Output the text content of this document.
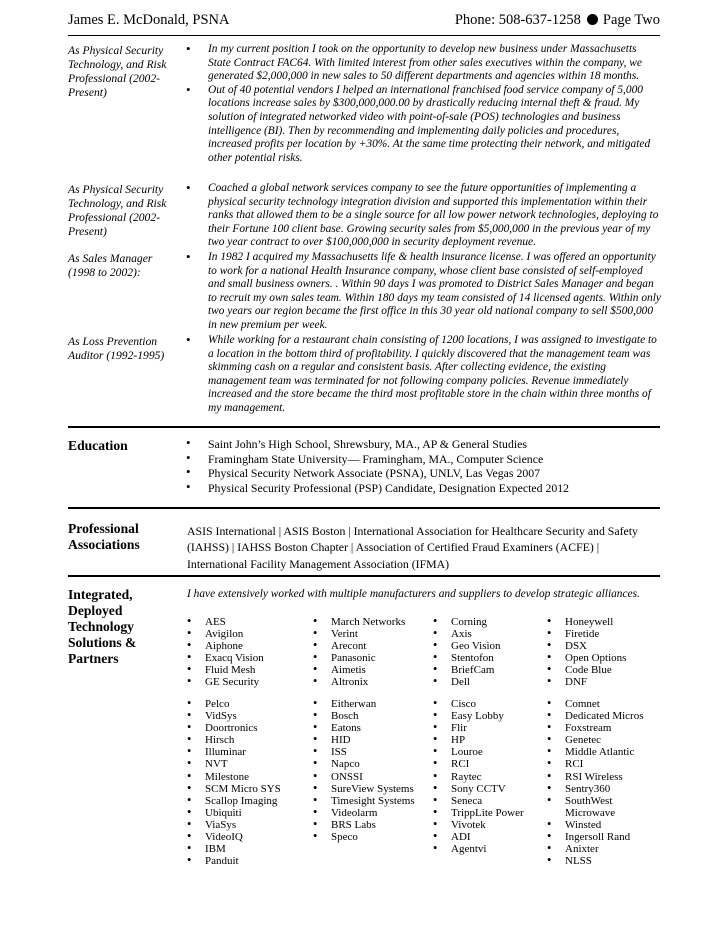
James E. McDonald, PSNA	Phone: 508-637-1258 Page Two
As Physical Security Technology, and Risk Professional (2002-Present)
• In my current position I took on the opportunity to develop new business under Massachusetts State Contract FAC64. With limited interest from other sales executives within the company, we generated $2,000,000 in new sales to 50 different departments and agencies within 18 months.
• Out of 40 potential vendors I helped an international franchised food service company of 5,000 locations increase sales by $300,000,000.00 by drastically reducing internal theft & fraud. My solution of integrated networked video with point-of-sale (POS) technologies and business intelligence (BI). Then by recommending and implementing daily policies and procedures, increased profits per location by +30%. At the same time protecting their network, and mitigated other potential risks.
As Physical Security Technology, and Risk Professional (2002-Present)
• Coached a global network services company to see the future opportunities of implementing a physical security technology integration division and supported this implementation within their ranks that allowed them to be a single source for all low power network technologies, deploying to their Fortune 100 client base. Growing security sales from $5,000,000 in the previous year of my two year contract to over $100,000,000 in security deployment revenue.
As Sales Manager (1998 to 2002):
• In 1982 I acquired my Massachusetts life & health insurance license. I was offered an opportunity to work for a national Health Insurance company, whose client base consisted of self-employed and small business owners. . Within 90 days I was promoted to District Sales Manager and began to recruit my own sales team. Within 180 days my team consisted of 14 licensed agents. Within only two years our region became the first office in this 30 year old national company to sell $500,000 in new premium per week.
As Loss Prevention Auditor (1992-1995)
• While working for a restaurant chain consisting of 1200 locations, I was assigned to investigate to a location in the bottom third of profitability. I quickly discovered that the management team was skimming cash on a regular and consistent basis. After collecting evidence, the existing management team was terminated for not following company policies. Revenue immediately increased and the store became the third most profitable store in the chain within three months of my management.
Education
•	Saint John’s High School, Shrewsbury, MA., AP & General Studies
• Framingham State University— Framingham, MA., Computer Science
• Physical Security Network Associate (PSNA), UNLV, Las Vegas 2007
• Physical Security Professional (PSP) Candidate, Designation Expected 2012
Professional
Associations
ASIS International | ASIS Boston | International Association for Healthcare Security and Safety
(IAHSS) | IAHSS Boston Chapter | Association of Certified Fraud Examiners (ACFE) |
International Facility Management Association (IFMA)
Integrated,
Deployed
Technology
Solutions &
Partners
I have extensively worked with multiple manufacturers and suppliers to develop strategic alliances.
• AES
• Avigilon
• Aiphone
• Exacq Vision
• Fluid Mesh
• GE Security
• March Networks
• Verint
• Arecont
• Panasonic
• Aimetis
• Altronix
• Corning
• Axis
• Geo Vision
• Stentofon
• BriefCam
• Dell
• Honeywell
• Firetide
• DSX
• Open Options
• Code Blue
• DNF
• Pelco
• VidSys
• Doortronics
• Hirsch
• Illuminar
• NVT
• Milestone
• SCM Micro SYS
• Scallop Imaging
• Ubiquiti
• ViaSys
• VideoIQ
• IBM
• Panduit
• Eitherwan
• Bosch
• Eatons
• HID
• ISS
• Napco
• ONSSI
• SureView Systems
• Timesight Systems
• Videolarm
• BRS Labs
• Speco
• Cisco
• Easy Lobby
• Flir
• HP
• Louroe
• RCI
• Raytec
• Sony CCTV
• Seneca
• TrippLite Power
• Vivotek
• ADI
• Agentvi
• Comnet
• Dedicated Micros
• Foxstream
• Genetec
• Middle Atlantic
• RCI
• RSI Wireless
• Sentry360
• SouthWest
Microwave
• Winsted
• Ingersoll Rand
• Anixter
• NLSS
